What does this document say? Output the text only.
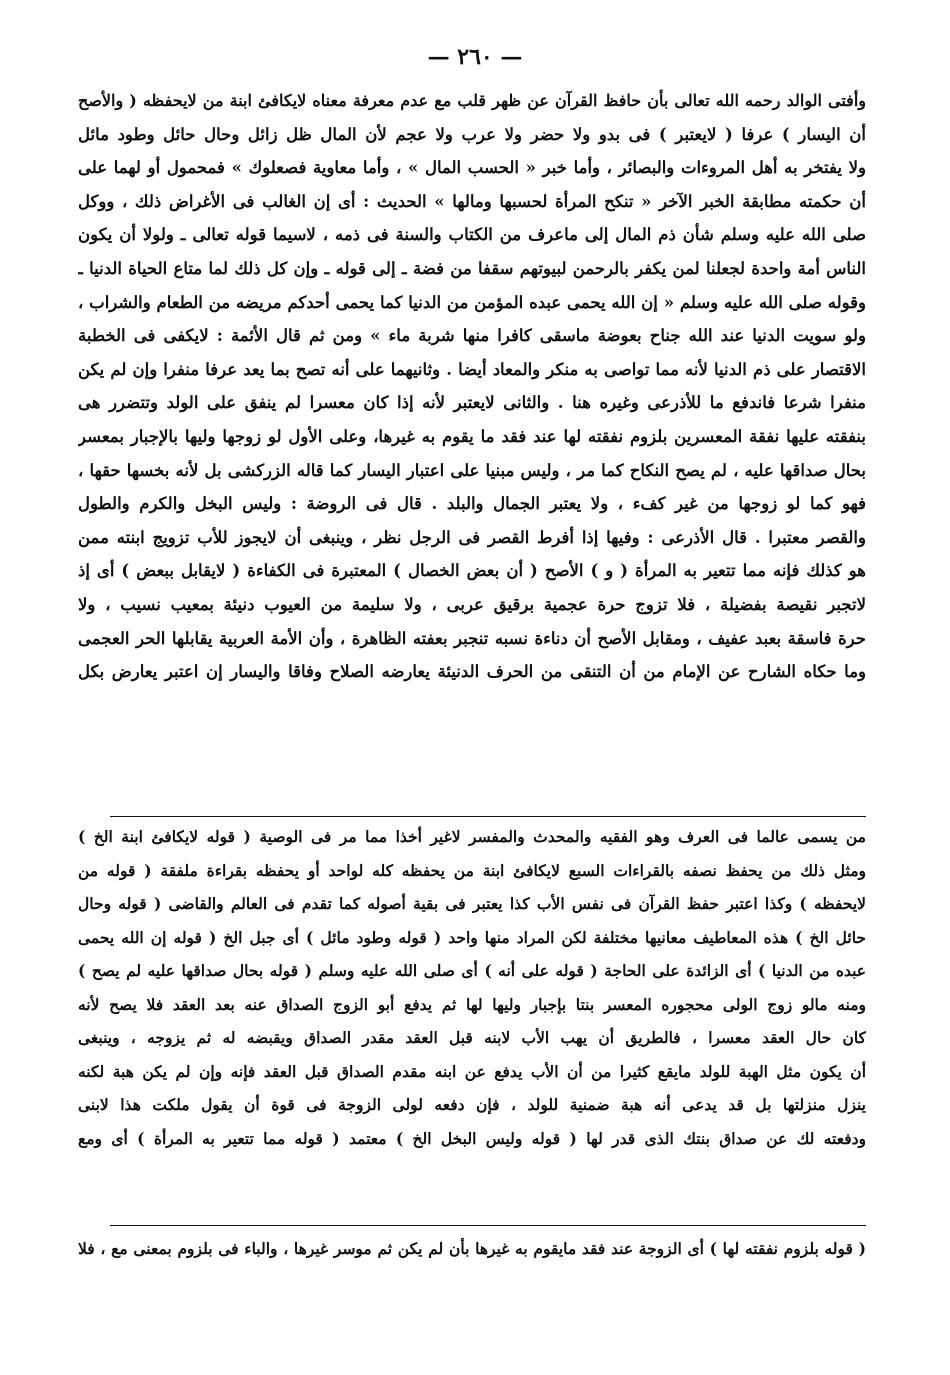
— ٢٦٠ —
وأفتى الوالد رحمه الله تعالى بأن حافظ القرآن عن ظهر قلب مع عدم معرفة معناه لايكافئ ابنة من لايحفظه ( والأصح
أن اليسار ) عرفا ( لايعتبر ) فى بدو ولا حضر ولا عرب ولا عجم لأن المال ظل زائل وحال حائل وطود مائل
ولا يفتخر به أهل المروءات والبصائر ، وأما خبر « الحسب المال » ، وأما معاوية فصعلوك » فمحمول أو لهما على
أن حكمته مطابقة الخبر الآخر « تنكح المرأة لحسبها ومالها » الحديث : أى إن الغالب فى الأغراض ذلك ، ووكل
صلى الله عليه وسلم شأن ذم المال إلى ماعرف من الكتاب والسنة فى ذمه ، لاسيما قوله تعالى ـ ولولا أن يكون
الناس أمة واحدة لجعلنا لمن يكفر بالرحمن لبيوتهم سقفا من فضة ـ إلى قوله ـ وإن كل ذلك لما متاع الحياة الدنيا ـ
وقوله صلى الله عليه وسلم « إن الله يحمى عبده المؤمن من الدنيا كما يحمى أحدكم مريضه من الطعام والشراب ،
ولو سويت الدنيا عند الله جناح بعوضة ماسقى كافرا منها شربة ماء » ومن ثم قال الأئمة : لايكفى فى الخطبة
الاقتصار على ذم الدنيا لأنه مما تواصى به منكر والمعاد أيضا . وثانيهما على أنه تصح بما يعد عرفا منفرا وإن لم يكن
منفرا شرعا فاندفع ما للأذرعى وغيره هنا . والثانى لايعتبر لأنه إذا كان معسرا لم ينفق على الولد وتتضرر هى
بنفقته عليها نفقة المعسرين بلزوم نفقته لها عند فقد ما يقوم به غيرها، وعلى الأول لو زوجها وليها بالإجبار بمعسر
بحال صداقها عليه ، لم يصح النكاح كما مر ، وليس مبنيا على اعتبار اليسار كما قاله الزركشى بل لأنه بخسها حقها ،
فهو كما لو زوجها من غير كفء ، ولا يعتبر الجمال والبلد . قال فى الروضة : وليس البخل والكرم والطول
والقصر معتبرا . قال الأذرعى : وفيها إذا أفرط القصر فى الرجل نظر ، وينبغى أن لايجوز للأب تزويج ابنته ممن
هو كذلك فإنه مما تتعير به المرأة ( و ) الأصح ( أن بعض الخصال ) المعتبرة فى الكفاءة ( لايقابل ببعض ) أى إذ
لاتجبر نقيصة بفضيلة ، فلا تزوج حرة عجمية برقيق عربى ، ولا سليمة من العيوب دنيئة بمعيب نسيب ، ولا
حرة فاسقة بعبد عفيف ، ومقابل الأصح أن دناءة نسبه تنجبر بعفته الظاهرة ، وأن الأمة العربية يقابلها الحر العجمى
وما حكاه الشارح عن الإمام من أن التنقى من الحرف الدنيئة يعارضه الصلاح وفاقا واليسار إن اعتبر يعارض بكل
من يسمى عالما فى العرف وهو الفقيه والمحدث والمفسر لاغير أخذا مما مر فى الوصية ( قوله لايكافئ ابنة الخ )
ومثل ذلك من يحفظ نصفه بالقراءات السبع لايكافئ ابنة من يحفظه كله لواحد أو يحفظه بقراءة ملفقة ( قوله من
لايحفظه ) وكذا اعتبر حفظ القرآن فى نفس الأب كذا يعتبر فى بقية أصوله كما تقدم فى العالم والقاضى ( قوله وحال
حائل الخ ) هذه المعاطيف معانيها مختلفة لكن المراد منها واحد ( قوله وطود مائل ) أى جبل الخ ( قوله إن الله يحمى
عبده من الدنيا ) أى الزائدة على الحاجة ( قوله على أنه ) أى صلى الله عليه وسلم ( قوله بحال صداقها عليه لم يصح )
ومنه مالو زوج الولى محجوره المعسر بنتا بإجبار وليها لها ثم يدفع أبو الزوج الصداق عنه بعد العقد فلا يصح لأنه
كان حال العقد معسرا ، فالطريق أن يهب الأب لابنه قبل العقد مقدر الصداق ويقبضه له ثم يزوجه ، وينبغى
أن يكون مثل الهبة للولد مايقع كثيرا من أن الأب يدفع عن ابنه مقدم الصداق قبل العقد فإنه وإن لم يكن هبة لكنه
ينزل منزلتها بل قد يدعى أنه هبة ضمنية للولد ، فإن دفعه لولى الزوجة فى قوة أن يقول ملكت هذا لابنى
ودفعته لك عن صداق بنتك الذى قدر لها ( قوله وليس البخل الخ ) معتمد ( قوله مما تتعير به المرأة ) أى ومع
( قوله بلزوم نفقته لها ) أى الزوجة عند فقد مايقوم به غيرها بأن لم يكن ثم موسر غيرها ، والباء فى بلزوم بمعنى مع ، فلا
